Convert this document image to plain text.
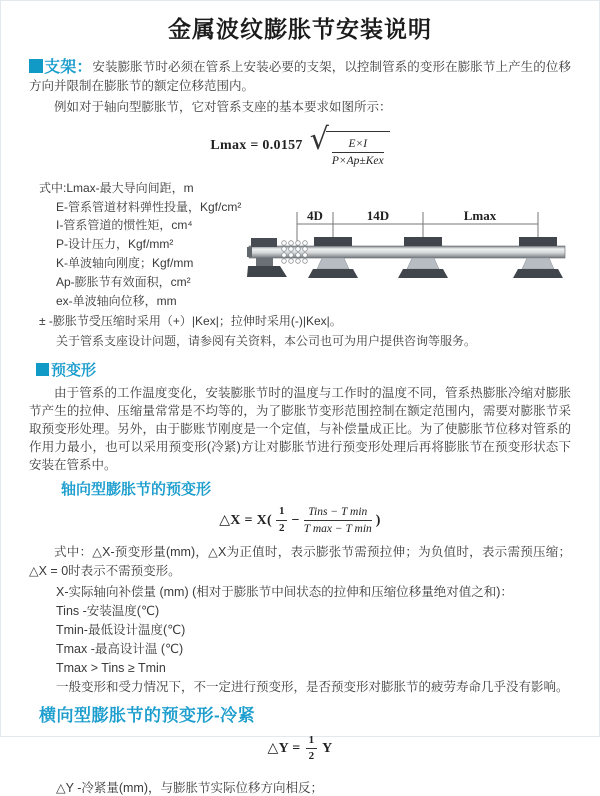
金属波纹膨胀节安装说明

支架：安装膨胀节时必须在管系上安装必要的支架，以控制管系的变形在膨胀节上产生的位移方向并限制在膨胀节的额定位移范围内。

例如对于轴向型膨胀节，它对管系支座的基本要求如图所示：

Lmax = 0.0157 √ $\frac{E\times I}{\text{P×Ap±Kex}}$
式中:Lmax-最大导向间距，m
E-管系管道材料弹性投量，Kgf/cm²
I-管系管道的惯性矩，cm⁴
P-设计压力，Kgf/mm²
K-单波轴向刚度；Kgf/mm
Ap-膨胀节有效面积，cm²
ex-单波轴向位移，mm
4D	14D	Lmax
± -膨胀节受压缩时采用（+）|Kex|；拉伸时采用(-)|Kex|。
关于管系支座设计问题，请参阅有关资料，本公司也可为用户提供咨询等服务。
预变形

由于管系的工作温度变化，安装膨胀节时的温度与工作时的温度不同，管系热膨胀冷缩对膨胀节产生的拉伸、压缩量常常是不均等的，为了膨胀节变形范围控制在额定范围内，需要对膨胀节采取预变形处理。另外，由于膨账节刚度是一个定值，与补偿量成正比。为了使膨胀节位移对管系的作用力最小，也可以采用预变形(冷紧)方让对膨胀节进行预变形处理后再将膨胀节在预变形状态下安装在管系中。

轴向型膨胀节的预变形
△X = $X( \frac{1}{2} - \frac{\text{Tins − T min}}{\text{T max − T min}}$ )

式中：△X-预变形量(mm)，△X为正值时，表示膨张节需预拉伸；为负值时，表示需预压缩；△X = 0时表示不需预变形。

X-实际轴向补偿量 (mm) (相对于膨胀节中间状态的拉伸和压缩位移量绝对值之和)：
Tins -安装温度(℃)
Tmin-最低设计温度(℃)
Tmax -最高设计温 (℃)
Tmax > Tins ≥ Tmin
一般变形和受力情况下，不一定进行预变形，是否预变形对膨胀节的疲劳寿命几乎没有影响。
横向型膨胀节的预变形-冷紧
△Y = $\frac{1}{2}$ Y
△Y -冷紧量(mm)，与膨胀节实际位移方向相反；
